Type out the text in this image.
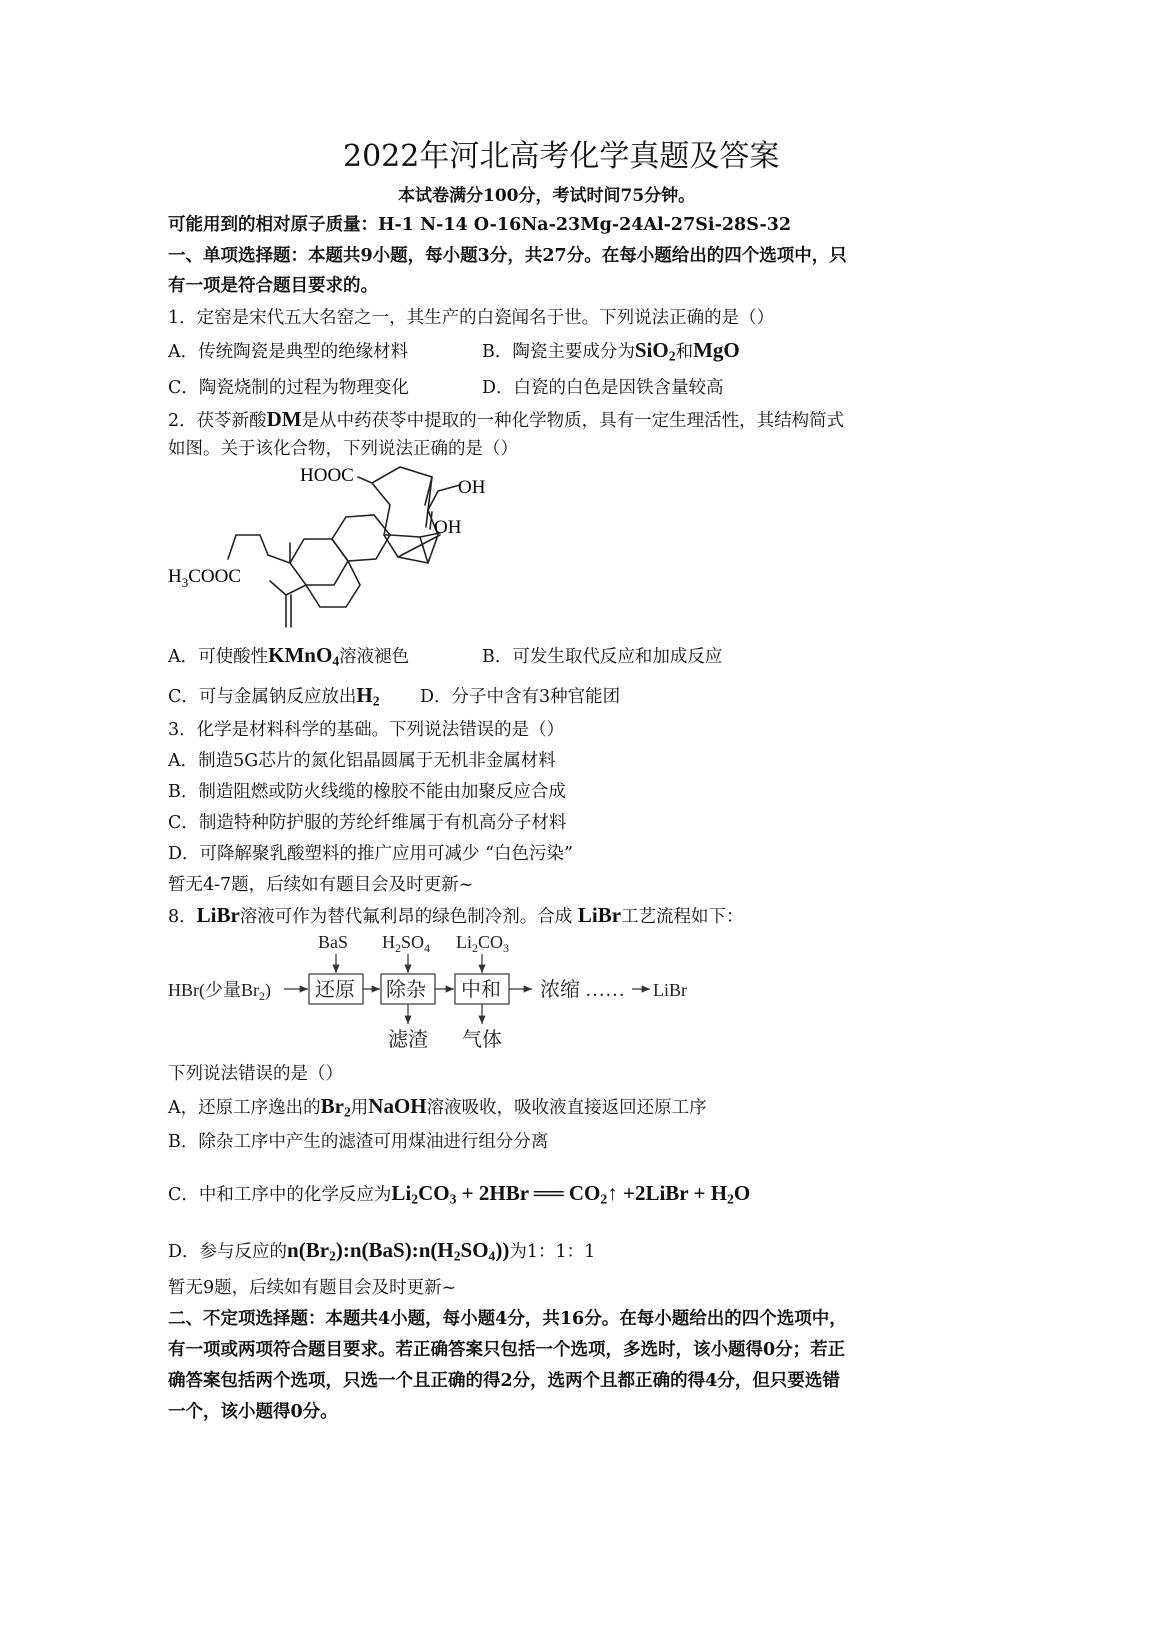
2022年河北高考化学真题及答案
本试卷满分100分，考试时间75分钟。
可能用到的相对原子质量：H-1 N-14 O-16Na-23Mg-24Al-27Si-28S-32
一、单项选择题：本题共9小题，每小题3分，共27分。在每小题给出的四个选项中，只
有一项是符合题目要求的。
1．定窑是宋代五大名窑之一，其生产的白瓷闻名于世。下列说法正确的是（）
A．传统陶瓷是典型的绝缘材料	B．陶瓷主要成分为SiO$_2$和MgO
C．陶瓷烧制的过程为物理变化	D．白瓷的白色是因铁含量较高
2．茯苓新酸DM是从中药茯苓中提取的一种化学物质，具有一定生理活性，其结构简式
如图。关于该化合物，下列说法正确的是（）
HOOC
OH
OH
$H_3COOC$
A．可使酸性KMnO$_4$溶液褪色	B．可发生取代反应和加成反应
C．可与金属钠反应放出$H_2$ D．分子中含有3种官能团
3．化学是材料科学的基础。下列说法错误的是（）
A．制造5G芯片的氮化铝晶圆属于无机非金属材料
B．制造阻燃或防火线缆的橡胶不能由加聚反应合成
C．制造特种防护服的芳纶纤维属于有机高分子材料
D．可降解聚乳酸塑料的推广应用可减少 “白色污染”
暂无4-7题，后续如有题目会及时更新~
8．LiBr溶液可作为替代氟利昂的绿色制冷剂。合成 LiBr工艺流程如下：
BaS $H_2SO_4$ $Li_2CO_3$
HBr(少量$Br_2$) 还原 除杂 中和 浓缩 …… LiBr
滤渣 气体
下列说法错误的是（）
A，还原工序逸出的$Br_2$用NaOH溶液吸收，吸收液直接返回还原工序
B．除杂工序中产生的滤渣可用煤油进行组分分离
C．中和工序中的化学反应为$Li_2CO_3 + 2HBr$ ══ $CO_2↑$ +2LiBr + $H_2O$
D．参与反应的$n(Br_2):n(BaS):n(H_2SO_4)$)为1：1：1
暂无9题，后续如有题目会及时更新~
二、不定项选择题：本题共4小题，每小题4分，共16分。在每小题给出的四个选项中，
有一项或两项符合题目要求。若正确答案只包括一个选项，多选时，该小题得0分；若正
确答案包括两个选项，只选一个且正确的得2分，选两个且都正确的得4分，但只要选错
一个，该小题得0分。
